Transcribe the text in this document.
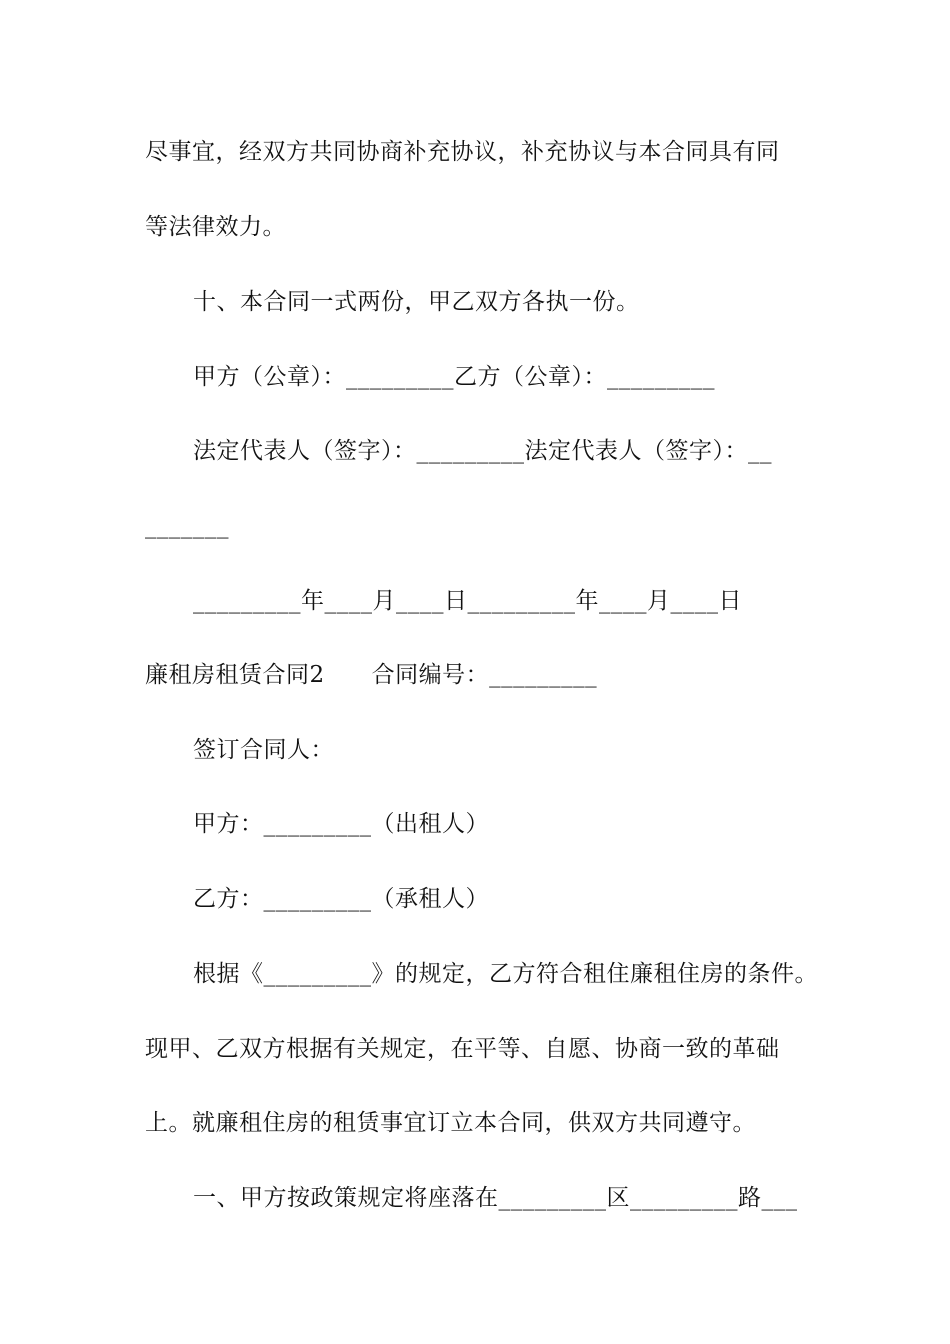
尽事宜，经双方共同协商补充协议，补充协议与本合同具有同
等法律效力。
十、本合同一式两份，甲乙双方各执一份。
甲方（公章）：_________乙方（公章）：_________
法定代表人（签字）：_________法定代表人（签字）：__
_______
_________年____月____日_________年____月____日
廉租房租赁合同2　　合同编号：_________
签订合同人：
甲方：_________（出租人）
乙方：_________（承租人）
根据《_________》的规定，乙方符合租住廉租住房的条件。
现甲、乙双方根据有关规定，在平等、自愿、协商一致的革础
上。就廉租住房的租赁事宜订立本合同，供双方共同遵守。
一、甲方按政策规定将座落在_________区_________路___
